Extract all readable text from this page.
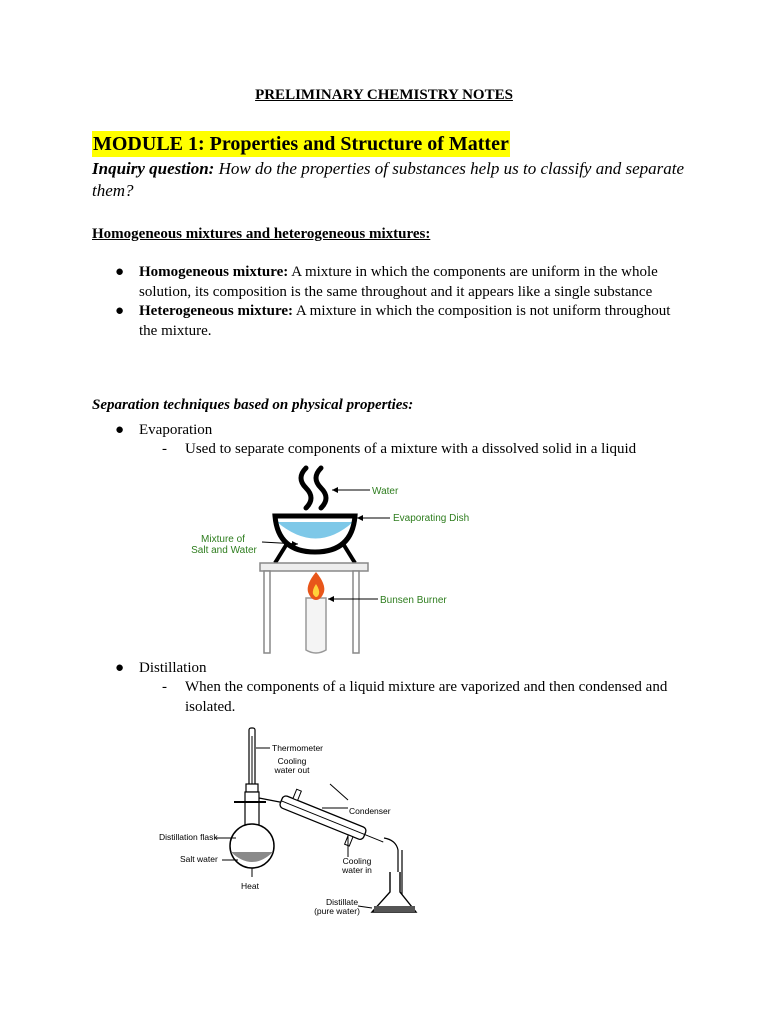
PRELIMINARY CHEMISTRY NOTES
MODULE 1: Properties and Structure of Matter
Inquiry question: How do the properties of substances help us to classify and separate them?
Homogeneous mixtures and heterogeneous mixtures:
● Homogeneous mixture: A mixture in which the components are uniform in the whole solution, its composition is the same throughout and it appears like a single substance
● Heterogeneous mixture: A mixture in which the composition is not uniform throughout the mixture.
Separation techniques based on physical properties:
● Evaporation
-	Used to separate components of a mixture with a dissolved solid in a liquid
Water
Evaporating Dish
Mixture of
Salt and Water
Bunsen Burner
● Distillation
-	When the components of a liquid mixture are vaporized and then condensed and isolated.
Thermometer
Cooling
water out
Condenser
Distillation flask
Salt water
Heat
Cooling
water in
Distillate
(pure water)
